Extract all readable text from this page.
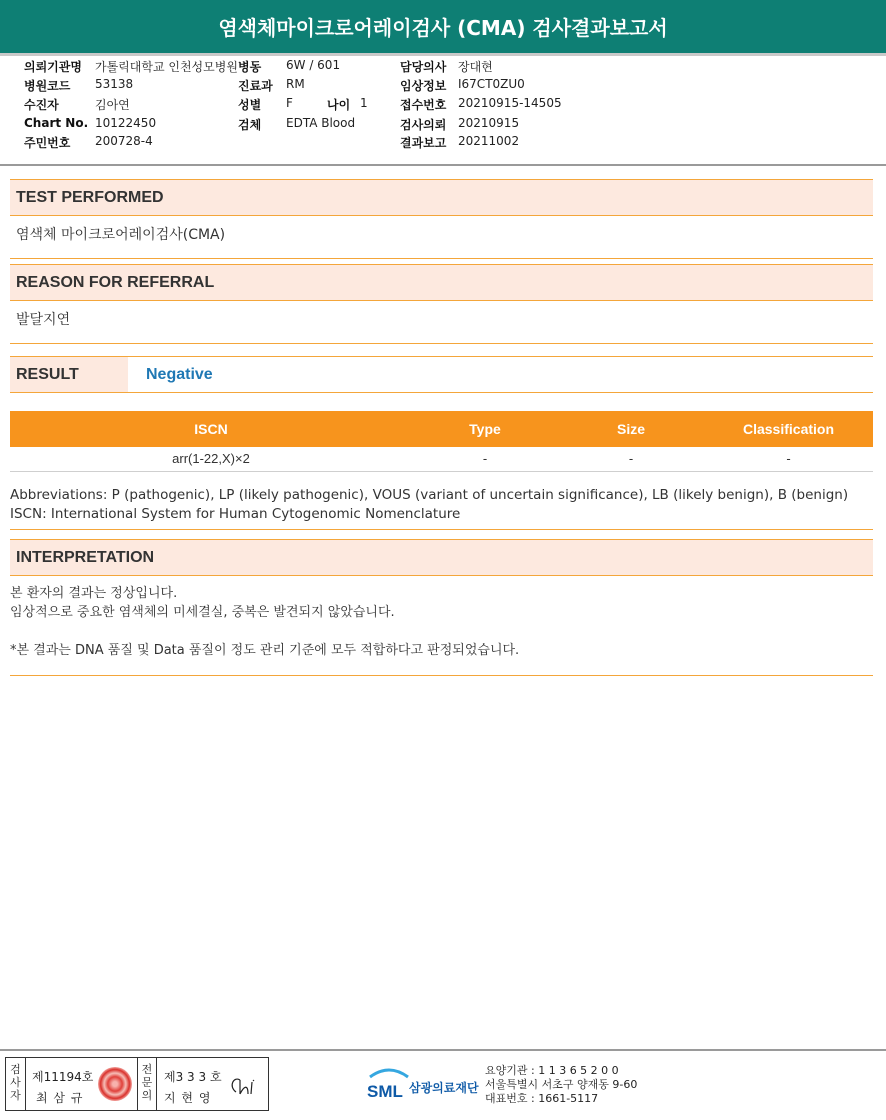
염색체마이크로어레이검사 (CMA) 검사결과보고서
의뢰기관명 가톨릭대학교 인천성모병원 병동 6W / 601	담당의사 장대현
병원코드 53138	진료과 RM	임상정보 I67CT0ZU0
수진자	김아연	성별 F	나이 1	접수번호 20210915-14505
Chart No. 10122450	검체 EDTA Blood	검사의뢰 20210915
주민번호 200728-4	결과보고 20211002
TEST PERFORMED
염색체 마이크로어레이검사(CMA)
REASON FOR REFERRAL
발달지연
RESULT	Negative
ISCN	Type	Size	Classification
arr(1-22,X)×2	-	-	-
Abbreviations: P (pathogenic), LP (likely pathogenic), VOUS (variant of uncertain significance), LB (likely benign), B (benign)
ISCN: International System for Human Cytogenomic Nomenclature
INTERPRETATION
본 환자의 결과는 정상입니다.
임상적으로 중요한 염색체의 미세결실, 중복은 발견되지 않았습니다.
*본 결과는 DNA 품질 및 Data 품질이 정도 관리 기준에 모두 적합하다고 판정되었습니다.
검사자
제11194호
최 삼 규
전문의
제3 3 3 호
지 현 영	SML 삼광의료재단
요양기관 : 1 1 3 6 5 2 0 0
서울특별시 서초구 양재동 9-60
대표번호 : 1661-5117
